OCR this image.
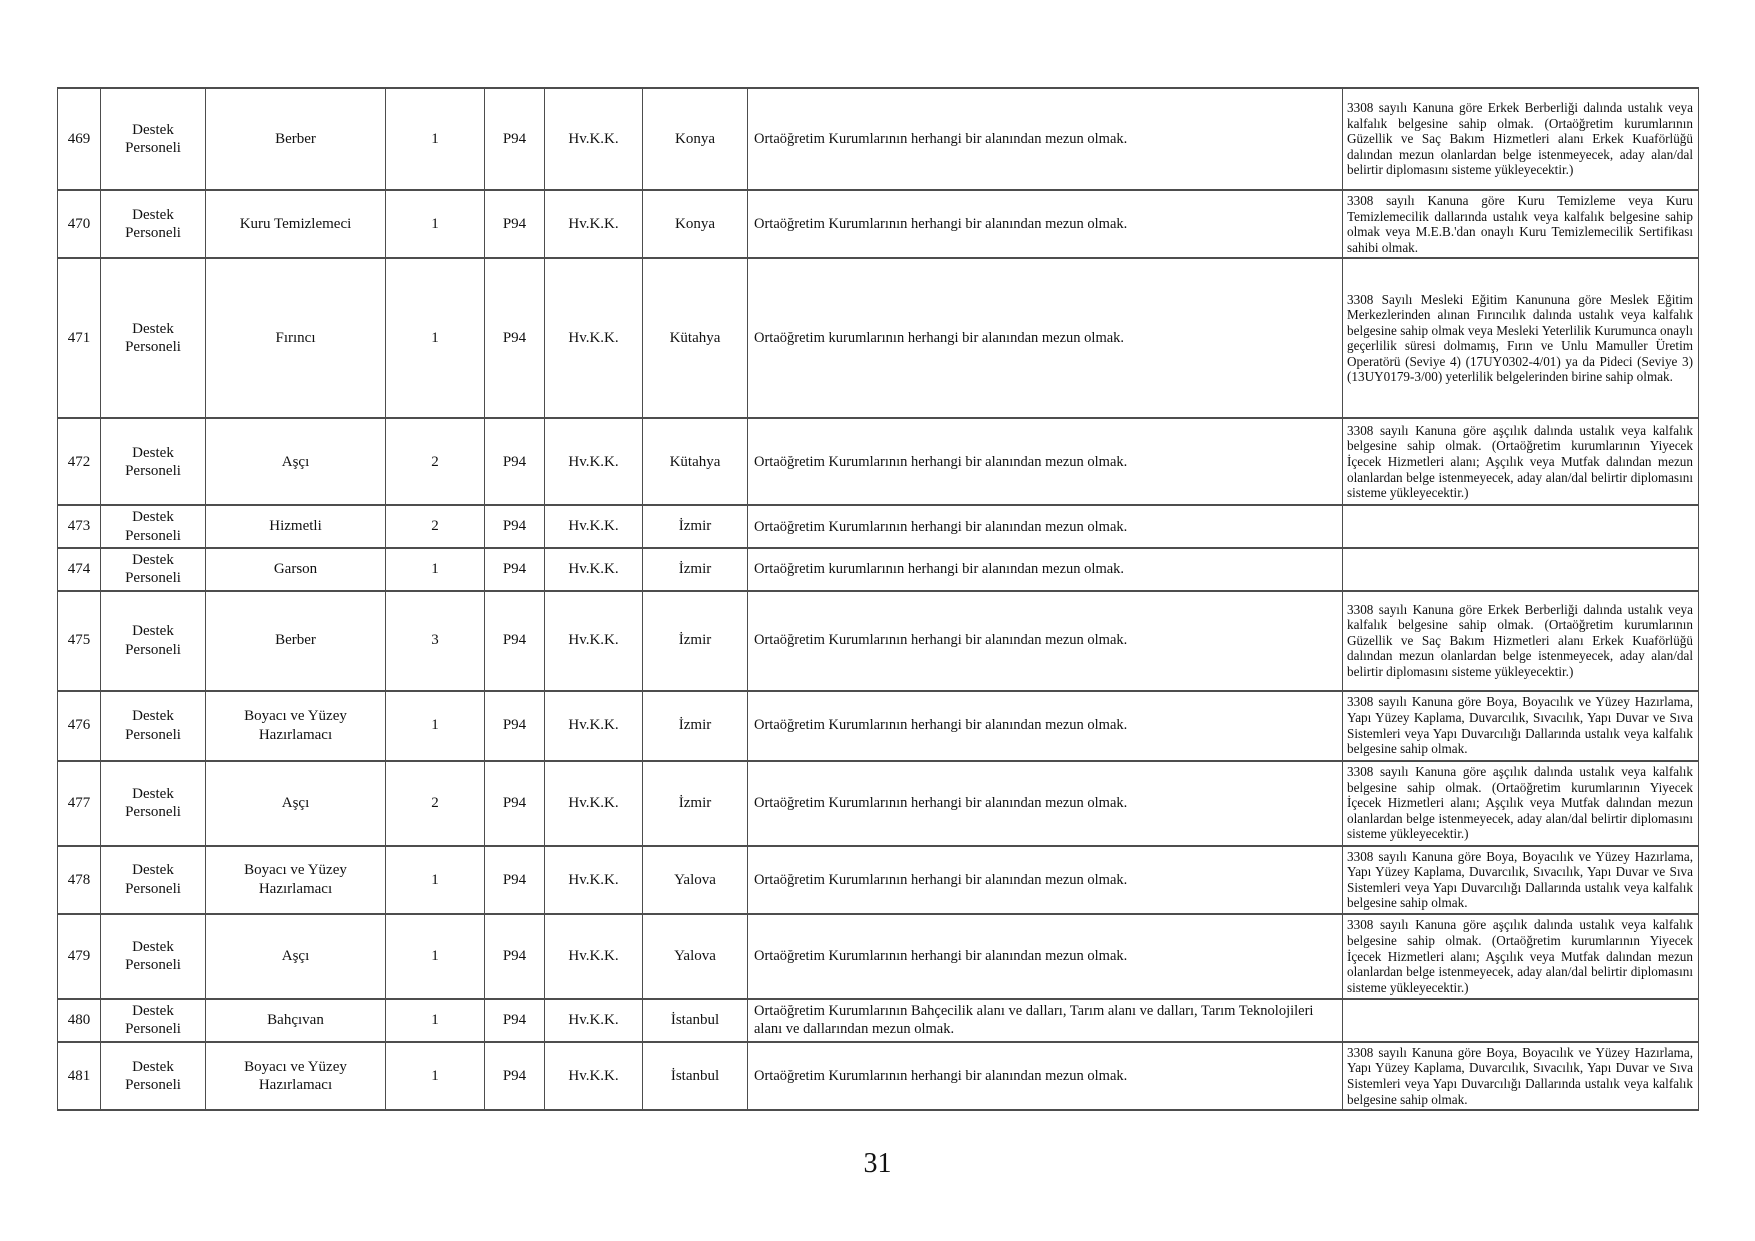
469	Destek Personeli	Berber	1	P94	Hv.K.K.	Konya	Ortaöğretim Kurumlarının herhangi bir alanından mezun olmak.	3308 sayılı Kanuna göre Erkek Berberliği dalında ustalık veya kalfalık belgesine sahip olmak. (Ortaöğretim kurumlarının Güzellik ve Saç Bakım Hizmetleri alanı Erkek Kuaförlüğü dalından mezun olanlardan belge istenmeyecek, aday alan/dal belirtir diplomasını sisteme yükleyecektir.)
470	Destek Personeli	Kuru Temizlemeci	1	P94	Hv.K.K.	Konya	Ortaöğretim Kurumlarının herhangi bir alanından mezun olmak.	3308 sayılı Kanuna göre Kuru Temizleme veya Kuru Temizlemecilik dallarında ustalık veya kalfalık belgesine sahip olmak veya M.E.B.'dan onaylı Kuru Temizlemecilik Sertifikası sahibi olmak.
471	Destek Personeli	Fırıncı	1	P94	Hv.K.K.	Kütahya	Ortaöğretim kurumlarının herhangi bir alanından mezun olmak.	3308 Sayılı Mesleki Eğitim Kanununa göre Meslek Eğitim Merkezlerinden alınan Fırıncılık dalında ustalık veya kalfalık belgesine sahip olmak veya Mesleki Yeterlilik Kurumunca onaylı geçerlilik süresi dolmamış, Fırın ve Unlu Mamuller Üretim Operatörü (Seviye 4) (17UY0302-4/01) ya da Pideci (Seviye 3) (13UY0179-3/00) yeterlilik belgelerinden birine sahip olmak.
472	Destek Personeli	Aşçı	2	P94	Hv.K.K.	Kütahya	Ortaöğretim Kurumlarının herhangi bir alanından mezun olmak.	3308 sayılı Kanuna göre aşçılık dalında ustalık veya kalfalık belgesine sahip olmak. (Ortaöğretim kurumlarının Yiyecek İçecek Hizmetleri alanı; Aşçılık veya Mutfak dalından mezun olanlardan belge istenmeyecek, aday alan/dal belirtir diplomasını sisteme yükleyecektir.)
473	Destek Personeli	Hizmetli	2	P94	Hv.K.K.	İzmir	Ortaöğretim Kurumlarının herhangi bir alanından mezun olmak.	
474	Destek Personeli	Garson	1	P94	Hv.K.K.	İzmir	Ortaöğretim kurumlarının herhangi bir alanından mezun olmak.	
475	Destek Personeli	Berber	3	P94	Hv.K.K.	İzmir	Ortaöğretim Kurumlarının herhangi bir alanından mezun olmak.	3308 sayılı Kanuna göre Erkek Berberliği dalında ustalık veya kalfalık belgesine sahip olmak. (Ortaöğretim kurumlarının Güzellik ve Saç Bakım Hizmetleri alanı Erkek Kuaförlüğü dalından mezun olanlardan belge istenmeyecek, aday alan/dal belirtir diplomasını sisteme yükleyecektir.)
476	Destek Personeli	Boyacı ve Yüzey Hazırlamacı	1	P94	Hv.K.K.	İzmir	Ortaöğretim Kurumlarının herhangi bir alanından mezun olmak.	3308 sayılı Kanuna göre Boya, Boyacılık ve Yüzey Hazırlama, Yapı Yüzey Kaplama, Duvarcılık, Sıvacılık, Yapı Duvar ve Sıva Sistemleri veya Yapı Duvarcılığı Dallarında ustalık veya kalfalık belgesine sahip olmak.
477	Destek Personeli	Aşçı	2	P94	Hv.K.K.	İzmir	Ortaöğretim Kurumlarının herhangi bir alanından mezun olmak.	3308 sayılı Kanuna göre aşçılık dalında ustalık veya kalfalık belgesine sahip olmak. (Ortaöğretim kurumlarının Yiyecek İçecek Hizmetleri alanı; Aşçılık veya Mutfak dalından mezun olanlardan belge istenmeyecek, aday alan/dal belirtir diplomasını sisteme yükleyecektir.)
478	Destek Personeli	Boyacı ve Yüzey Hazırlamacı	1	P94	Hv.K.K.	Yalova	Ortaöğretim Kurumlarının herhangi bir alanından mezun olmak.	3308 sayılı Kanuna göre Boya, Boyacılık ve Yüzey Hazırlama, Yapı Yüzey Kaplama, Duvarcılık, Sıvacılık, Yapı Duvar ve Sıva Sistemleri veya Yapı Duvarcılığı Dallarında ustalık veya kalfalık belgesine sahip olmak.
479	Destek Personeli	Aşçı	1	P94	Hv.K.K.	Yalova	Ortaöğretim Kurumlarının herhangi bir alanından mezun olmak.	3308 sayılı Kanuna göre aşçılık dalında ustalık veya kalfalık belgesine sahip olmak. (Ortaöğretim kurumlarının Yiyecek İçecek Hizmetleri alanı; Aşçılık veya Mutfak dalından mezun olanlardan belge istenmeyecek, aday alan/dal belirtir diplomasını sisteme yükleyecektir.)
480	Destek Personeli	Bahçıvan	1	P94	Hv.K.K.	İstanbul	Ortaöğretim Kurumlarının Bahçecilik alanı ve dalları, Tarım alanı ve dalları, Tarım Teknolojileri alanı ve dallarından mezun olmak.	
481	Destek Personeli	Boyacı ve Yüzey Hazırlamacı	1	P94	Hv.K.K.	İstanbul	Ortaöğretim Kurumlarının herhangi bir alanından mezun olmak.	3308 sayılı Kanuna göre Boya, Boyacılık ve Yüzey Hazırlama, Yapı Yüzey Kaplama, Duvarcılık, Sıvacılık, Yapı Duvar ve Sıva Sistemleri veya Yapı Duvarcılığı Dallarında ustalık veya kalfalık belgesine sahip olmak.
31
